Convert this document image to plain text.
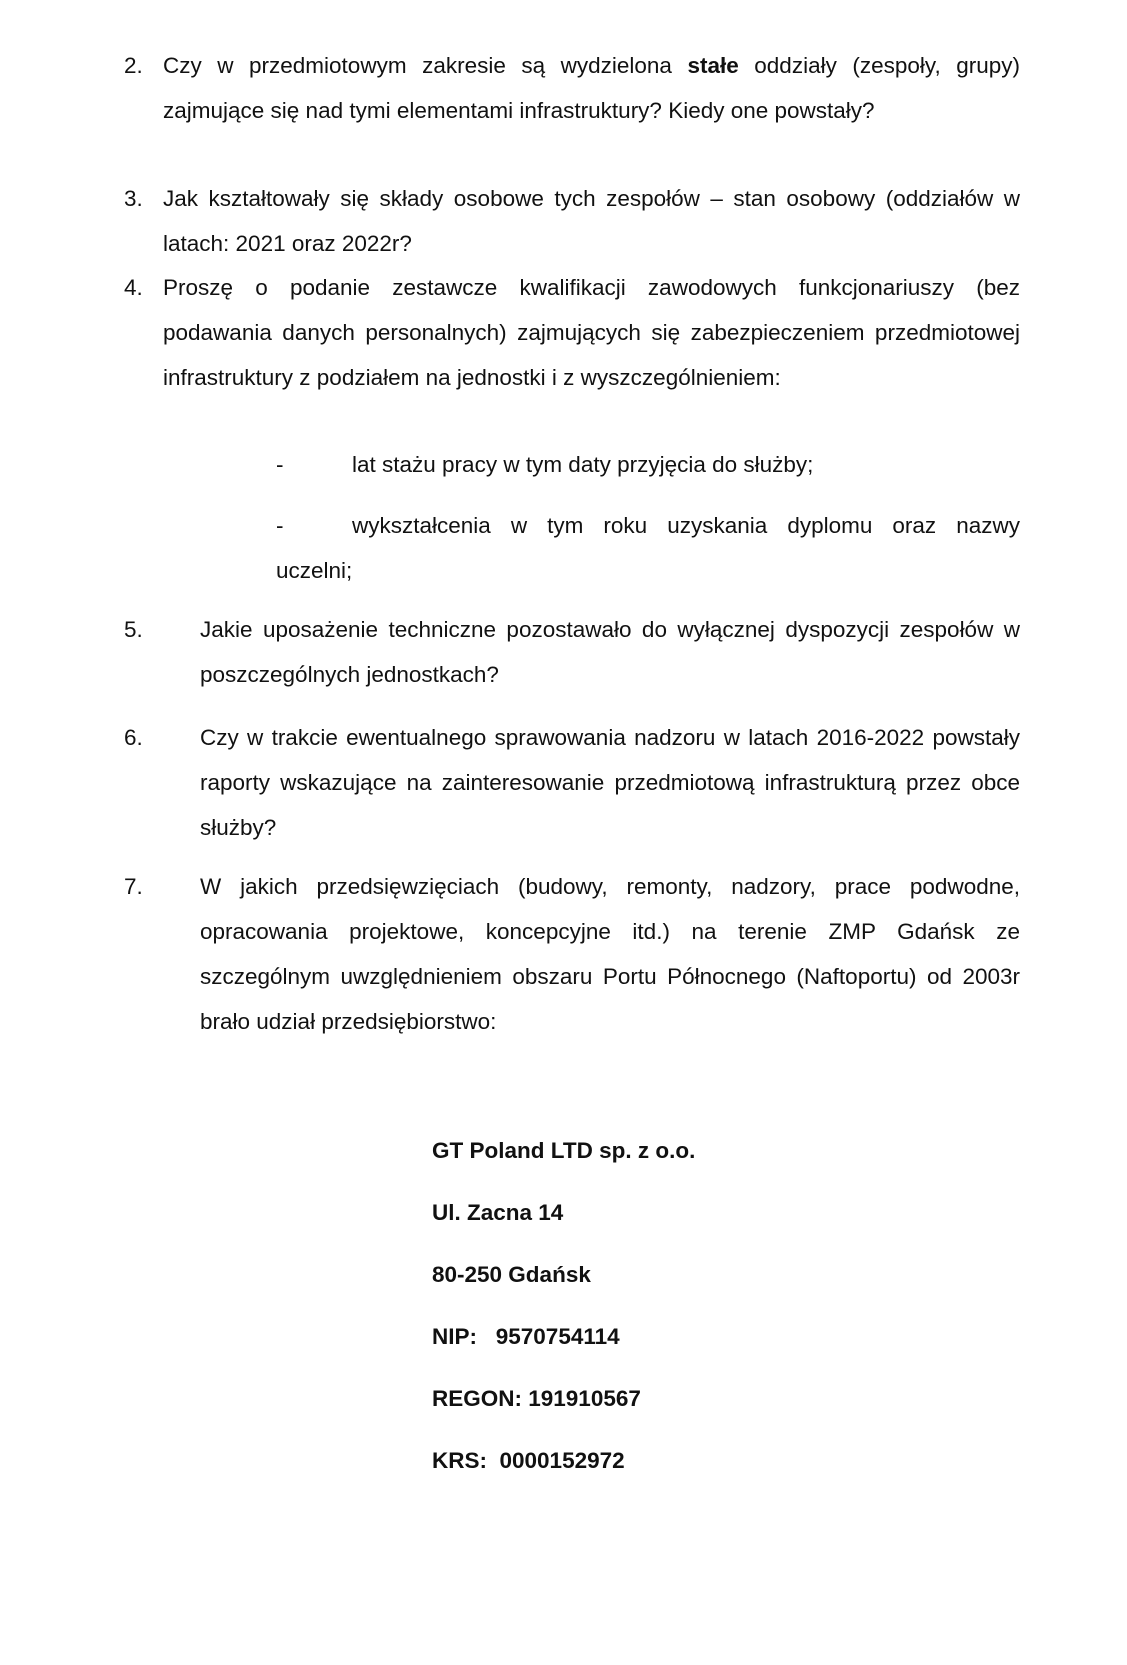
2. Czy w przedmiotowym zakresie są wydzielona stałe oddziały (zespoły, grupy) zajmujące się nad tymi elementami infrastruktury? Kiedy one powstały?
3. Jak kształtowały się składy osobowe tych zespołów – stan osobowy (oddziałów w latach: 2021 oraz 2022r?
4. Proszę o podanie zestawcze kwalifikacji zawodowych funkcjonariuszy (bez podawania danych personalnych) zajmujących się zabezpieczeniem przedmiotowej infrastruktury z podziałem na jednostki i z wyszczególnieniem:
-	lat stażu pracy w tym daty przyjęcia do służby;
-	wykształcenia w tym roku uzyskania dyplomu oraz nazwy
uczelni;
5.	Jakie uposażenie techniczne pozostawało do wyłącznej dyspozycji zespołów w poszczególnych jednostkach?
6.	Czy w trakcie ewentualnego sprawowania nadzoru w latach 2016-2022 powstały raporty wskazujące na zainteresowanie przedmiotową infrastrukturą przez obce służby?
7.	W jakich przedsięwzięciach (budowy, remonty, nadzory, prace podwodne, opracowania projektowe, koncepcyjne itd.) na terenie ZMP Gdańsk ze szczególnym uwzględnieniem obszaru Portu Północnego (Naftoportu) od 2003r brało udział przedsiębiorstwo:
GT Poland LTD sp. z o.o.
Ul. Zacna 14
80-250 Gdańsk
NIP:   9570754114
REGON: 191910567
KRS:  0000152972
